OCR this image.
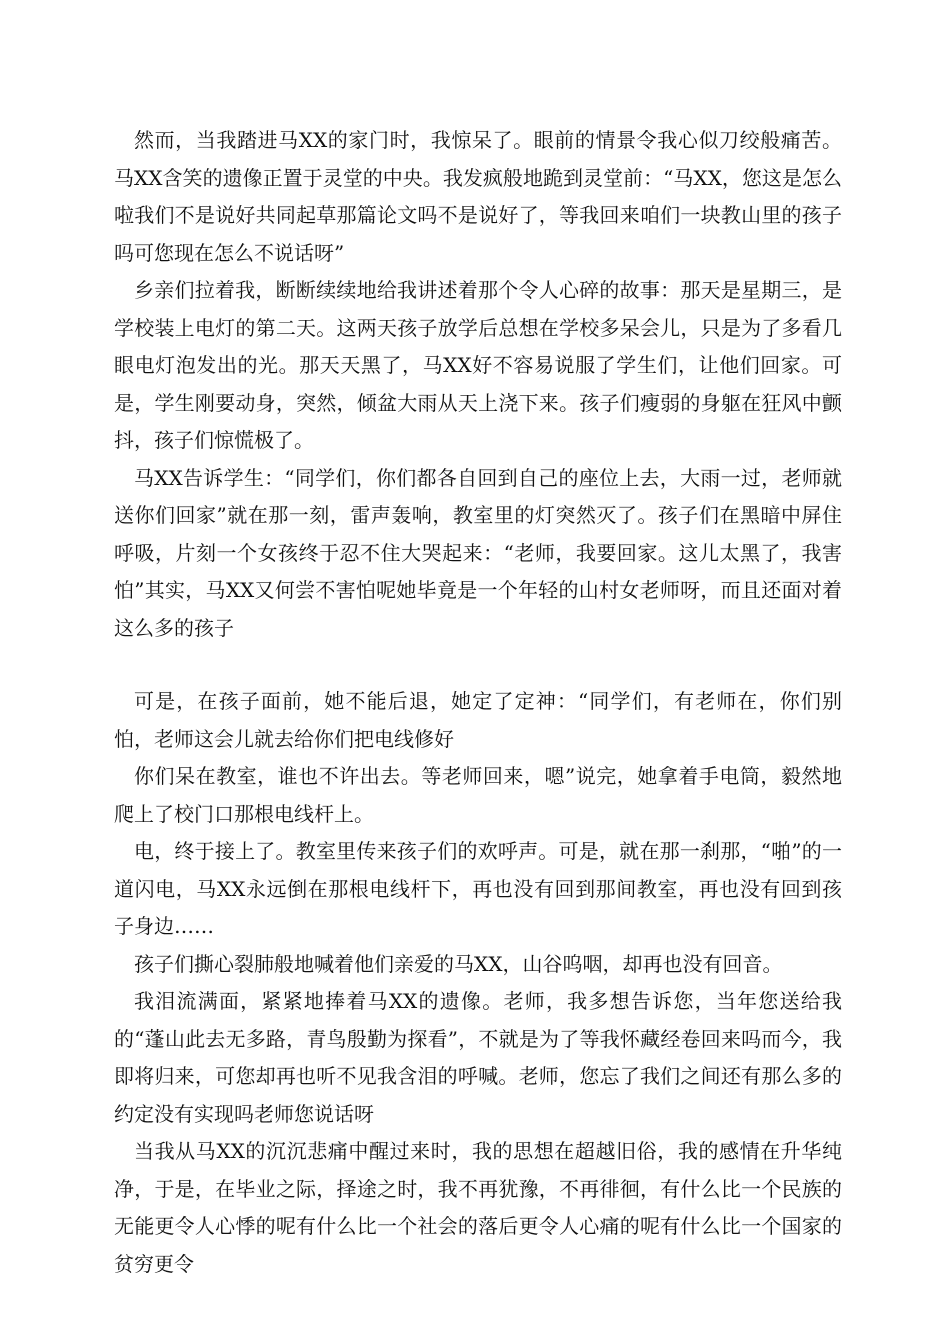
然而，当我踏进马XX的家门时，我惊呆了。眼前的情景令我心似刀绞般痛苦。马XX含笑的遗像正置于灵堂的中央。我发疯般地跪到灵堂前：“马XX，您这是怎么啦我们不是说好共同起草那篇论文吗不是说好了，等我回来咱们一块教山里的孩子吗可您现在怎么不说话呀”

乡亲们拉着我，断断续续地给我讲述着那个令人心碎的故事：那天是星期三，是学校装上电灯的第二天。这两天孩子放学后总想在学校多呆会儿，只是为了多看几眼电灯泡发出的光。那天天黑了，马XX好不容易说服了学生们，让他们回家。可是，学生刚要动身，突然，倾盆大雨从天上浇下来。孩子们瘦弱的身躯在狂风中颤抖，孩子们惊慌极了。

马XX告诉学生：“同学们，你们都各自回到自己的座位上去，大雨一过，老师就送你们回家”就在那一刻，雷声轰响，教室里的灯突然灭了。孩子们在黑暗中屏住呼吸，片刻一个女孩终于忍不住大哭起来：“老师，我要回家。这儿太黑了，我害怕”其实，马XX又何尝不害怕呢她毕竟是一个年轻的山村女老师呀，而且还面对着这么多的孩子

可是，在孩子面前，她不能后退，她定了定神：“同学们，有老师在，你们别怕，老师这会儿就去给你们把电线修好

你们呆在教室，谁也不许出去。等老师回来，嗯”说完，她拿着手电筒，毅然地爬上了校门口那根电线杆上。

电，终于接上了。教室里传来孩子们的欢呼声。可是，就在那一刹那，“啪”的一道闪电，马XX永远倒在那根电线杆下，再也没有回到那间教室，再也没有回到孩子身边……

孩子们撕心裂肺般地喊着他们亲爱的马XX，山谷呜咽，却再也没有回音。

我泪流满面，紧紧地捧着马XX的遗像。老师，我多想告诉您，当年您送给我的“蓬山此去无多路，青鸟殷勤为探看”，不就是为了等我怀藏经卷回来吗而今，我即将归来，可您却再也听不见我含泪的呼喊。老师，您忘了我们之间还有那么多的约定没有实现吗老师您说话呀

当我从马XX的沉沉悲痛中醒过来时，我的思想在超越旧俗，我的感情在升华纯净，于是，在毕业之际，择途之时，我不再犹豫，不再徘徊，有什么比一个民族的无能更令人心悸的呢有什么比一个社会的落后更令人心痛的呢有什么比一个国家的贫穷更令
